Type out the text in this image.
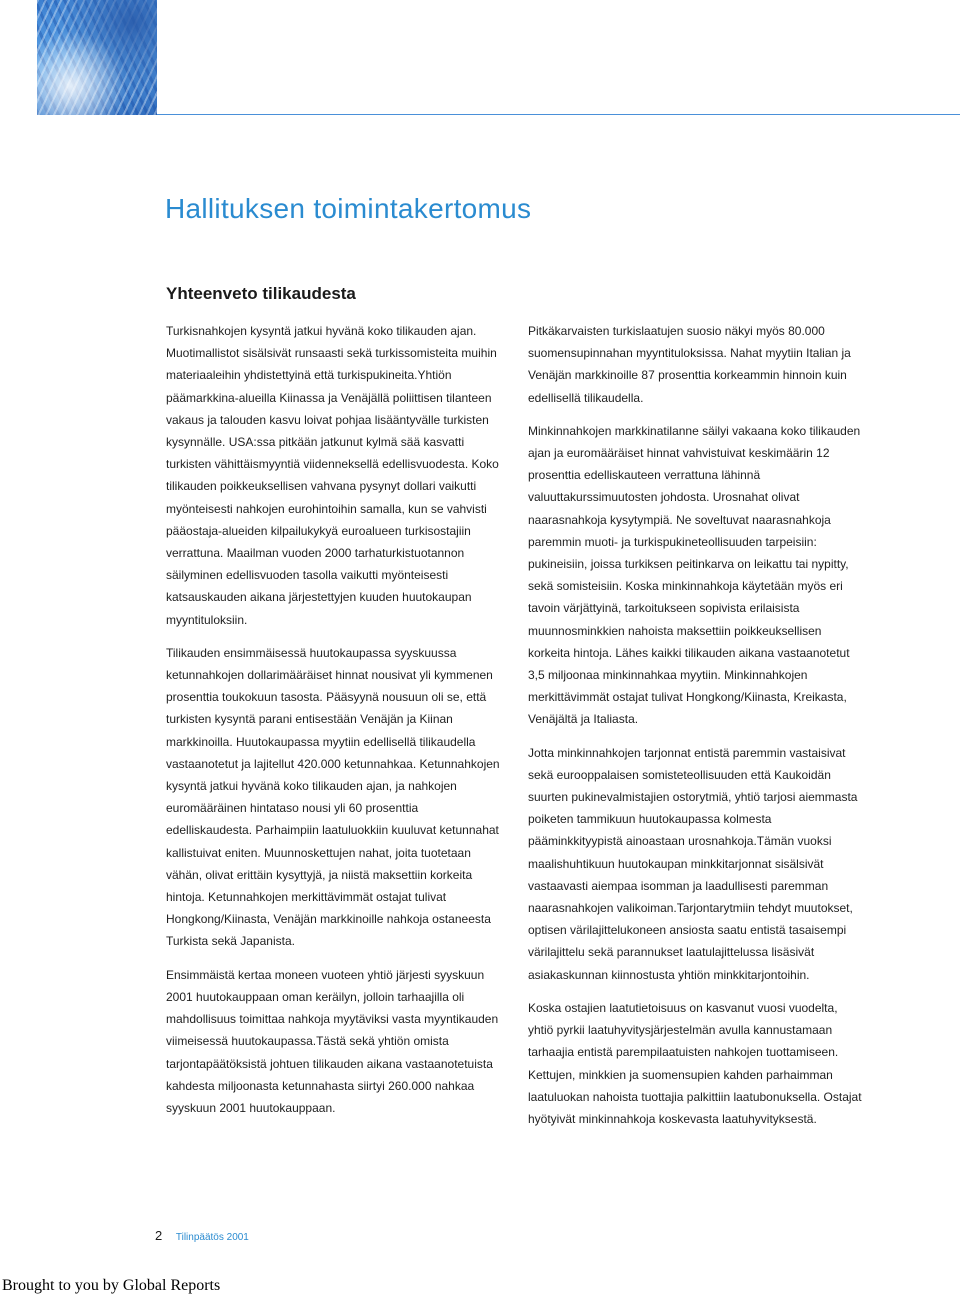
Hallituksen toimintakertomus
Yhteenveto tilikaudesta

Turkisnahkojen kysyntä jatkui hyvänä koko tilikauden ajan. Muotimallistot sisälsivät runsaasti sekä turkissomisteita muihin materiaaleihin yhdistettyinä että turkispukineita.Yhtiön päämarkkina-alueilla Kiinassa ja Venäjällä poliittisen tilanteen vakaus ja talouden kasvu loivat pohjaa lisääntyvälle turkisten kysynnälle. USA:ssa pitkään jatkunut kylmä sää kasvatti turkisten vähittäismyyntiä viidenneksellä edellisvuodesta. Koko tilikauden poikkeuksellisen vahvana pysynyt dollari vaikutti myönteisesti nahkojen eurohintoihin samalla, kun se vahvisti pääostaja-alueiden kilpailukykyä euroalueen turkisostajiin verrattuna. Maailman vuoden 2000 tarhaturkistuotannon säilyminen edellisvuoden tasolla vaikutti myönteisesti katsauskauden aikana järjestettyjen kuuden huutokaupan myyntituloksiin.

Tilikauden ensimmäisessä huutokaupassa syyskuussa ketunnahkojen dollarimääräiset hinnat nousivat yli kymmenen prosenttia toukokuun tasosta. Pääsyynä nousuun oli se, että turkisten kysyntä parani entisestään Venäjän ja Kiinan markkinoilla. Huutokaupassa myytiin edellisellä tilikaudella vastaanotetut ja lajitellut 420.000 ketunnahkaa. Ketunnahkojen kysyntä jatkui hyvänä koko tilikauden ajan, ja nahkojen euromääräinen hintataso nousi yli 60 prosenttia edelliskaudesta. Parhaimpiin laatuluokkiin kuuluvat ketunnahat kallistuivat eniten. Muunnoskettujen nahat, joita tuotetaan vähän, olivat erittäin kysyttyjä, ja niistä maksettiin korkeita hintoja. Ketunnahkojen merkittävimmät ostajat tulivat Hongkong/Kiinasta, Venäjän markkinoille nahkoja ostaneesta Turkista sekä Japanista.

Ensimmäistä kertaa moneen vuoteen yhtiö järjesti syyskuun 2001 huutokauppaan oman keräilyn, jolloin tarhaajilla oli mahdollisuus toimittaa nahkoja myytäviksi vasta myyntikauden viimeisessä huutokaupassa.Tästä sekä yhtiön omista tarjontapäätöksistä johtuen tilikauden aikana vastaanotetuista kahdesta miljoonasta ketunnahasta siirtyi 260.000 nahkaa syyskuun 2001 huutokauppaan.

Pitkäkarvaisten turkislaatujen suosio näkyi myös 80.000 suomensupinnahan myyntituloksissa. Nahat myytiin Italian ja Venäjän markkinoille 87 prosenttia korkeammin hinnoin kuin edellisellä tilikaudella.

Minkinnahkojen markkinatilanne säilyi vakaana koko tilikauden ajan ja euromääräiset hinnat vahvistuivat keskimäärin 12 prosenttia edelliskauteen verrattuna lähinnä valuuttakurssimuutosten johdosta. Urosnahat olivat naarasnahkoja kysytympiä. Ne soveltuvat naarasnahkoja paremmin muoti- ja turkispukineteollisuuden tarpeisiin: pukineisiin, joissa turkiksen peitinkarva on leikattu tai nypitty, sekä somisteisiin. Koska minkinnahkoja käytetään myös eri tavoin värjättyinä, tarkoitukseen sopivista erilaisista muunnosminkkien nahoista maksettiin poikkeuksellisen korkeita hintoja. Lähes kaikki tilikauden aikana vastaanotetut 3,5 miljoonaa minkinnahkaa myytiin. Minkinnahkojen merkittävimmät ostajat tulivat Hongkong/Kiinasta, Kreikasta, Venäjältä ja Italiasta.

Jotta minkinnahkojen tarjonnat entistä paremmin vastaisivat sekä eurooppalaisen somisteteollisuuden että Kaukoidän suurten pukinevalmistajien ostorytmiä, yhtiö tarjosi aiemmasta poiketen tammikuun huutokaupassa kolmesta pääminkkityypistä ainoastaan urosnahkoja.Tämän vuoksi maalishuhtikuun huutokaupan minkkitarjonnat sisälsivät vastaavasti aiempaa isomman ja laadullisesti paremman naarasnahkojen valikoiman.Tarjontarytmiin tehdyt muutokset, optisen värilajittelukoneen ansiosta saatu entistä tasaisempi värilajittelu sekä parannukset laatulajittelussa lisäsivät asiakaskunnan kiinnostusta yhtiön minkkitarjontoihin.

Koska ostajien laatutietoisuus on kasvanut vuosi vuodelta, yhtiö pyrkii laatuhyvitysjärjestelmän avulla kannustamaan tarhaajia entistä parempilaatuisten nahkojen tuottamiseen. Kettujen, minkkien ja suomensupien kahden parhaimman laatuluokan nahoista tuottajia palkittiin laatubonuksella. Ostajat hyötyivät minkinnahkoja koskevasta laatuhyvityksestä.

2 Tilinpäätös 2001
Brought to you by Global Reports
